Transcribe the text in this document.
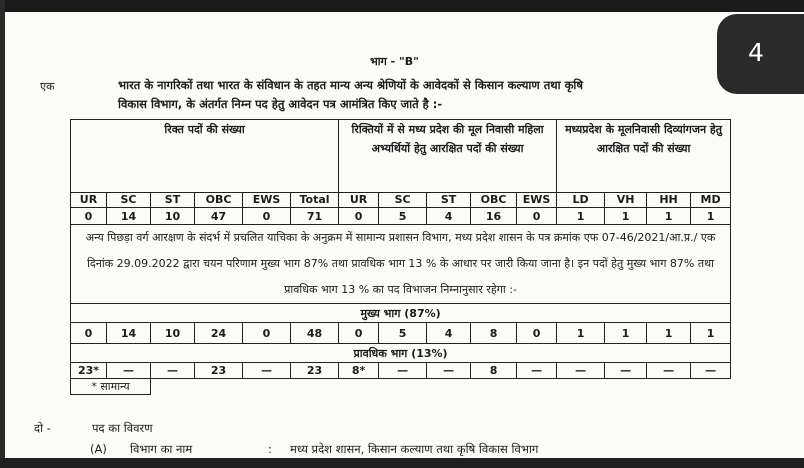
4
भाग - "B"
एक	भारत के नागरिकों तथा भारत के संविधान के तहत मान्य अन्य श्रेणियों के आवेदकों से किसान कल्याण तथा कृषि
विकास विभाग, के अंतर्गत निम्न पद हेतु आवेदन पत्र आमंत्रित किए जाते है :-
रिक्त पदों की संख्या						रिक्तियों में से मध्य प्रदेश की मूल निवासी महिला अभ्यर्थियों हेतु आरक्षित पदों की संख्या					मध्यप्रदेश के मूलनिवासी दिव्यांगजन हेतु आरक्षित पदों की संख्या			
UR	SC	ST	OBC	EWS	Total	UR	SC	ST	OBC	EWS	LD	VH	HH	MD
0	14	10	47	0	71	0	5	4	16	0	1	1	1	1
अन्य पिछड़ा वर्ग आरक्षण के संदर्भ में प्रचलित याचिका के अनुक्रम में सामान्य प्रशासन विभाग, मध्य प्रदेश शासन के पत्र क्रमांक एफ 07-46/2021/आ.प्र./ एक दिनांक 29.09.2022 द्वारा चयन परिणाम मुख्य भाग 87% तथा प्रावधिक भाग 13 % के आधार पर जारी किया जाना है। इन पदों हेतु मुख्य भाग 87% तथा प्रावधिक भाग 13 % का पद विभाजन निम्नानुसार रहेगा :-														
मुख्य भाग (87%)														
0	14	10	24	0	48	0	5	4	8	0	1	1	1	1
प्रावधिक भाग (13%)														
23*	—	—	23	—	23	8*	—	—	8	—	—	—	—	—
* सामान्य														
दो -	पद का विवरण
(A) विभाग का नाम	: मध्य प्रदेश शासन, किसान कल्याण तथा कृषि विकास विभाग
